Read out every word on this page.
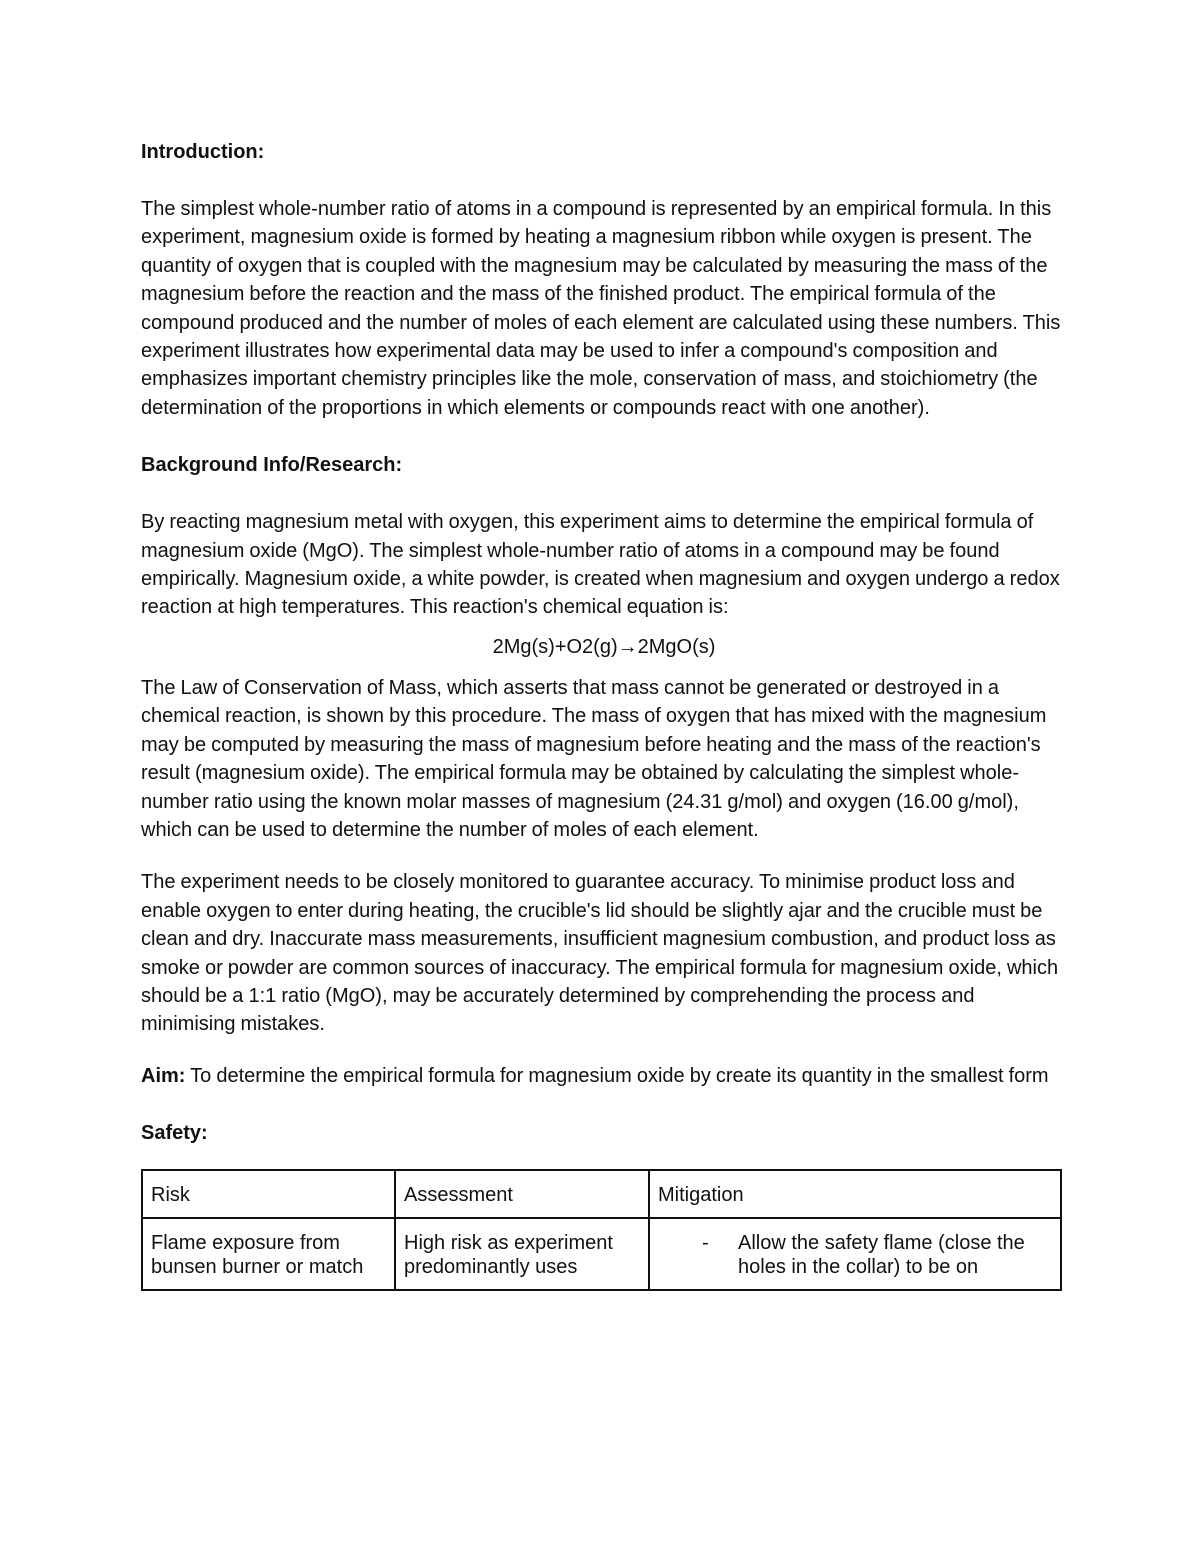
Introduction:

The simplest whole-number ratio of atoms in a compound is represented by an empirical formula. In this experiment, magnesium oxide is formed by heating a magnesium ribbon while oxygen is present. The quantity of oxygen that is coupled with the magnesium may be calculated by measuring the mass of the magnesium before the reaction and the mass of the finished product. The empirical formula of the compound produced and the number of moles of each element are calculated using these numbers. This experiment illustrates how experimental data may be used to infer a compound's composition and emphasizes important chemistry principles like the mole, conservation of mass, and stoichiometry (the determination of the proportions in which elements or compounds react with one another).

Background Info/Research:

By reacting magnesium metal with oxygen, this experiment aims to determine the empirical formula of magnesium oxide (MgO). The simplest whole-number ratio of atoms in a compound may be found empirically. Magnesium oxide, a white powder, is created when magnesium and oxygen undergo a redox reaction at high temperatures. This reaction's chemical equation is:

2Mg(s)+O2(g)→2MgO(s)

The Law of Conservation of Mass, which asserts that mass cannot be generated or destroyed in a chemical reaction, is shown by this procedure. The mass of oxygen that has mixed with the magnesium may be computed by measuring the mass of magnesium before heating and the mass of the reaction's result (magnesium oxide). The empirical formula may be obtained by calculating the simplest whole-number ratio using the known molar masses of magnesium (24.31 g/mol) and oxygen (16.00 g/mol), which can be used to determine the number of moles of each element.

The experiment needs to be closely monitored to guarantee accuracy. To minimise product loss and enable oxygen to enter during heating, the crucible's lid should be slightly ajar and the crucible must be clean and dry. Inaccurate mass measurements, insufficient magnesium combustion, and product loss as smoke or powder are common sources of inaccuracy. The empirical formula for magnesium oxide, which should be a 1:1 ratio (MgO), may be accurately determined by comprehending the process and minimising mistakes.

Aim: To determine the empirical formula for magnesium oxide by create its quantity in the smallest form

Safety:

Risk	Assessment	Mitigation
Flame exposure from bunsen burner or match	High risk as experiment predominantly uses	- Allow the safety flame (close the holes in the collar) to be on
